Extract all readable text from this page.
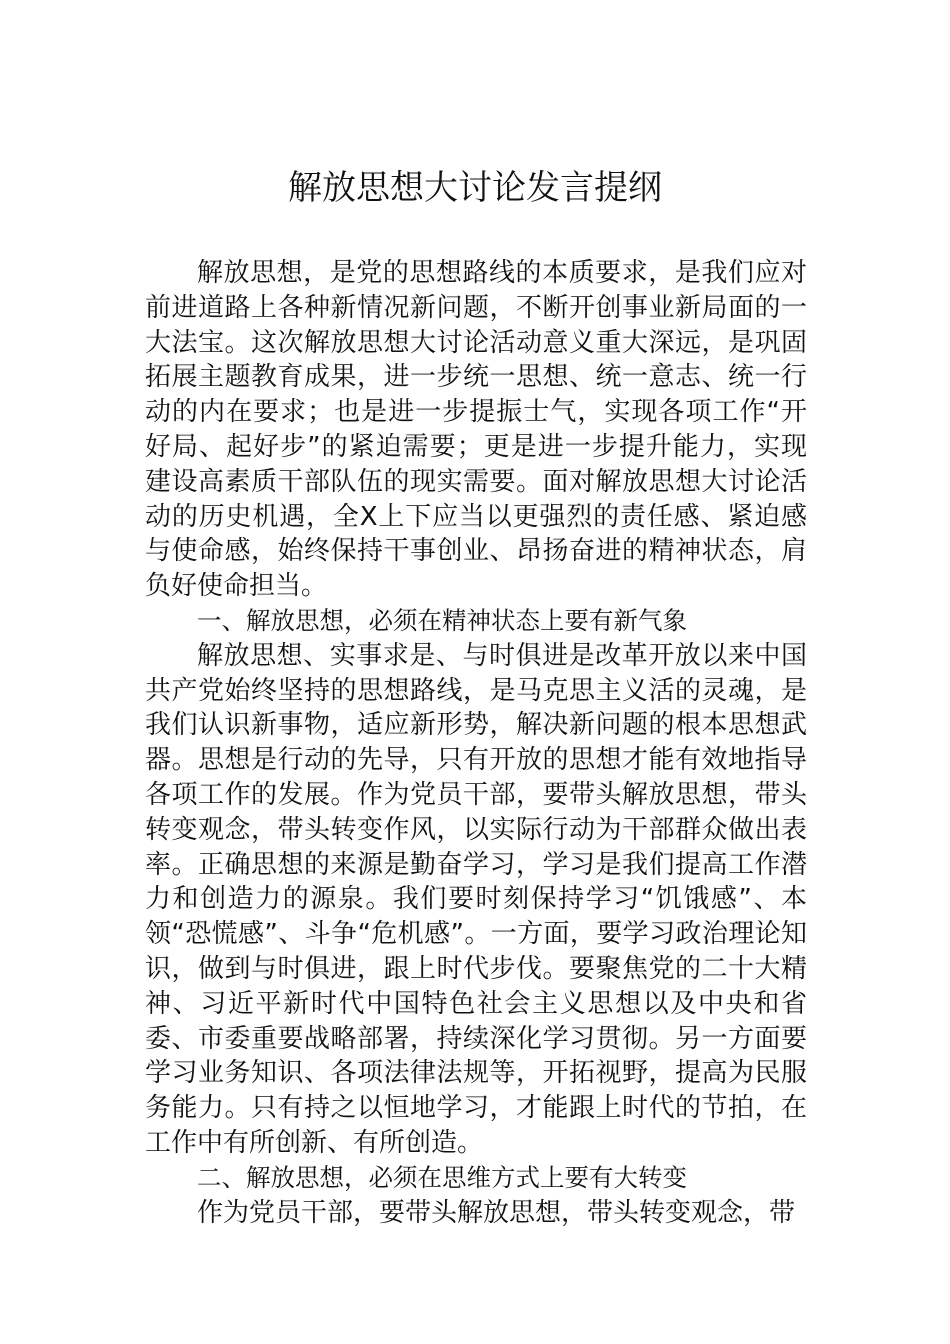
解放思想大讨论发言提纲

解放思想，是党的思想路线的本质要求，是我们应对前进道路上各种新情况新问题，不断开创事业新局面的一大法宝。这次解放思想大讨论活动意义重大深远，是巩固拓展主题教育成果，进一步统一思想、统一意志、统一行动的内在要求；也是进一步提振士气，实现各项工作“开好局、起好步”的紧迫需要；更是进一步提升能力，实现建设高素质干部队伍的现实需要。面对解放思想大讨论活动的历史机遇，全X上下应当以更强烈的责任感、紧迫感与使命感，始终保持干事创业、昂扬奋进的精神状态，肩负好使命担当。

一、解放思想，必须在精神状态上要有新气象

解放思想、实事求是、与时俱进是改革开放以来中国共产党始终坚持的思想路线，是马克思主义活的灵魂，是我们认识新事物，适应新形势，解决新问题的根本思想武器。思想是行动的先导，只有开放的思想才能有效地指导各项工作的发展。作为党员干部，要带头解放思想，带头转变观念，带头转变作风，以实际行动为干部群众做出表率。正确思想的来源是勤奋学习，学习是我们提高工作潜力和创造力的源泉。我们要时刻保持学习“饥饿感”、本领“恐慌感”、斗争“危机感”。一方面，要学习政治理论知识，做到与时俱进，跟上时代步伐。要聚焦党的二十大精神、习近平新时代中国特色社会主义思想以及中央和省委、市委重要战略部署，持续深化学习贯彻。另一方面要学习业务知识、各项法律法规等，开拓视野，提高为民服务能力。只有持之以恒地学习，才能跟上时代的节拍，在工作中有所创新、有所创造。

二、解放思想，必须在思维方式上要有大转变

作为党员干部，要带头解放思想，带头转变观念，带
